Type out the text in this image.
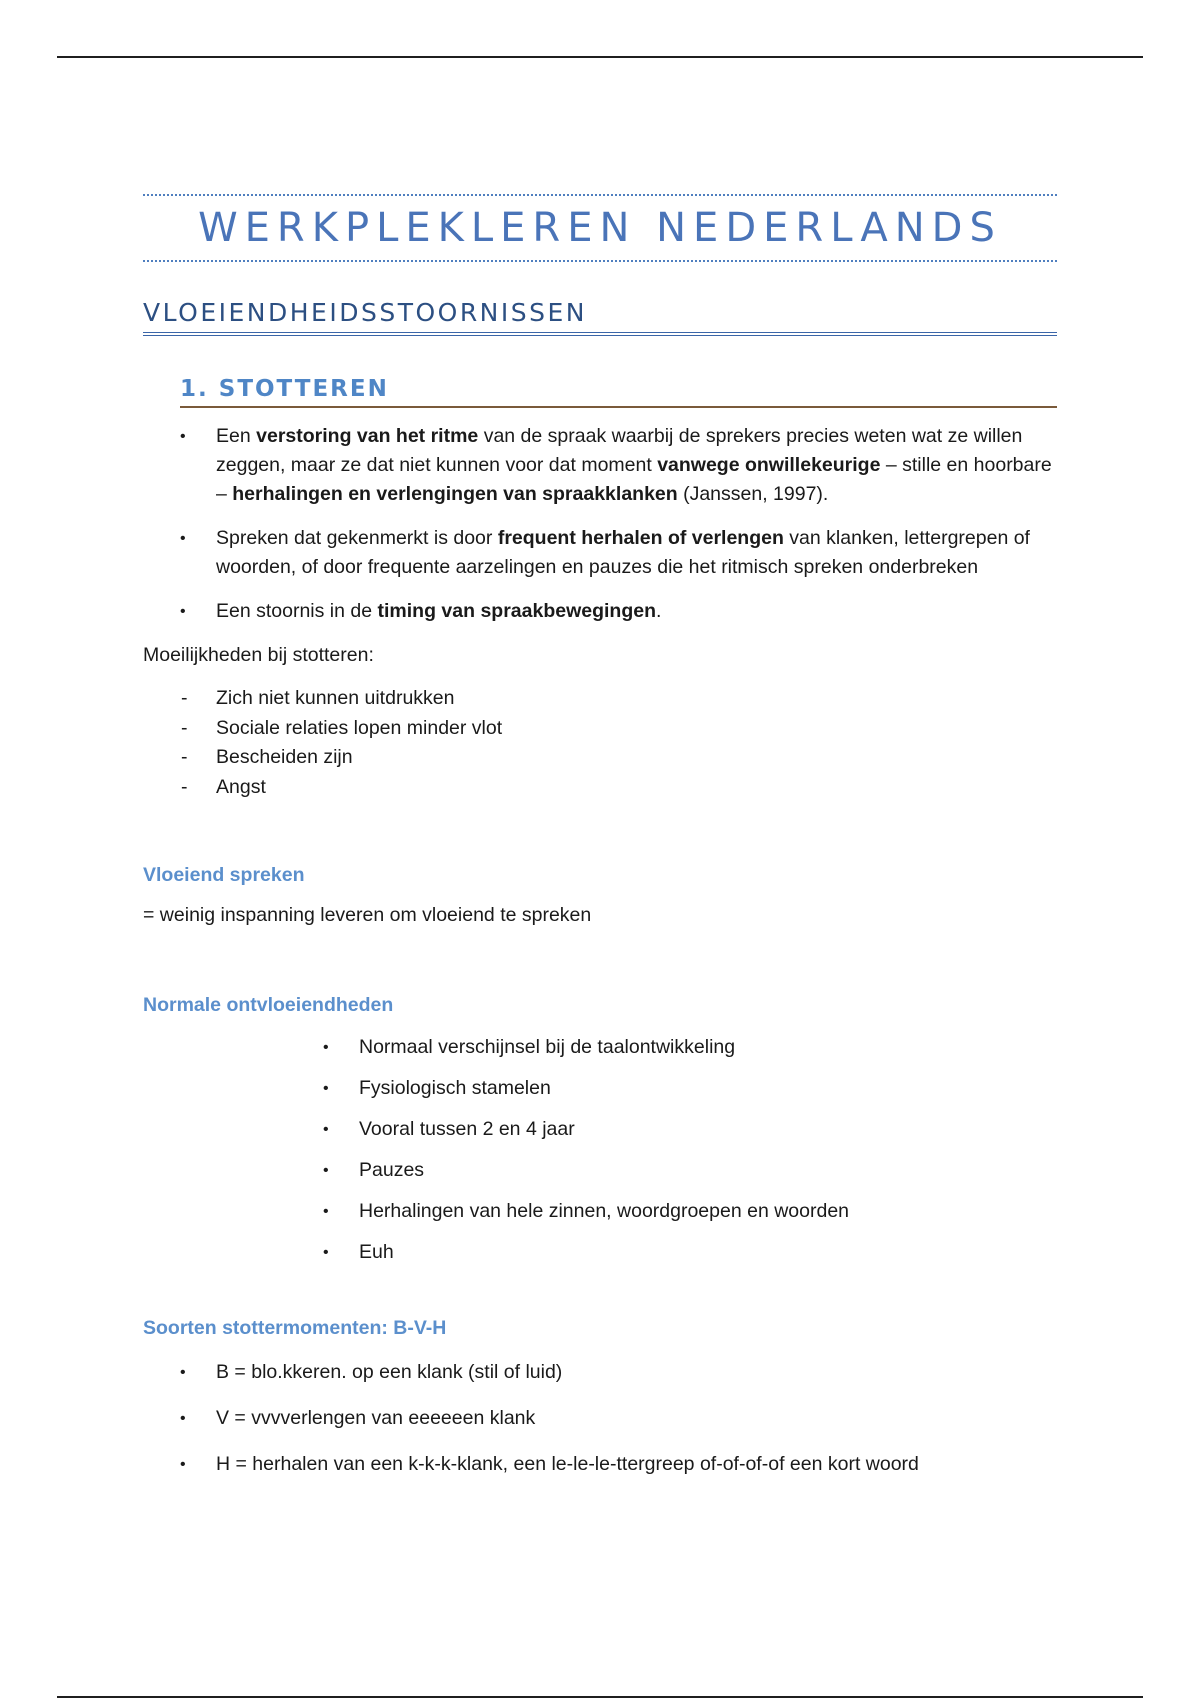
WERKPLEKLEREN NEDERLANDS
VLOEIENDHEIDSSTOORNISSEN
1. STOTTEREN
• Een verstoring van het ritme van de spraak waarbij de sprekers precies weten wat ze willen zeggen, maar ze dat niet kunnen voor dat moment vanwege onwillekeurige – stille en hoorbare – herhalingen en verlengingen van spraakklanken (Janssen, 1997).
• Spreken dat gekenmerkt is door frequent herhalen of verlengen van klanken, lettergrepen of woorden, of door frequente aarzelingen en pauzes die het ritmisch spreken onderbreken
• Een stoornis in de timing van spraakbewegingen.

Moeilijkheden bij stotteren:

- Zich niet kunnen uitdrukken
- Sociale relaties lopen minder vlot
- Bescheiden zijn
- Angst

Vloeiend spreken

= weinig inspanning leveren om vloeiend te spreken

Normale ontvloeiendheden

• Normaal verschijnsel bij de taalontwikkeling
• Fysiologisch stamelen
• Vooral tussen 2 en 4 jaar
• Pauzes
• Herhalingen van hele zinnen, woordgroepen en woorden
• Euh

Soorten stottermomenten: B-V-H

• B = blo.kkeren. op een klank (stil of luid)
• V = vvvverlengen van eeeeeen klank
• H = herhalen van een k-k-k-klank, een le-le-le-ttergreep of-of-of-of een kort woord
